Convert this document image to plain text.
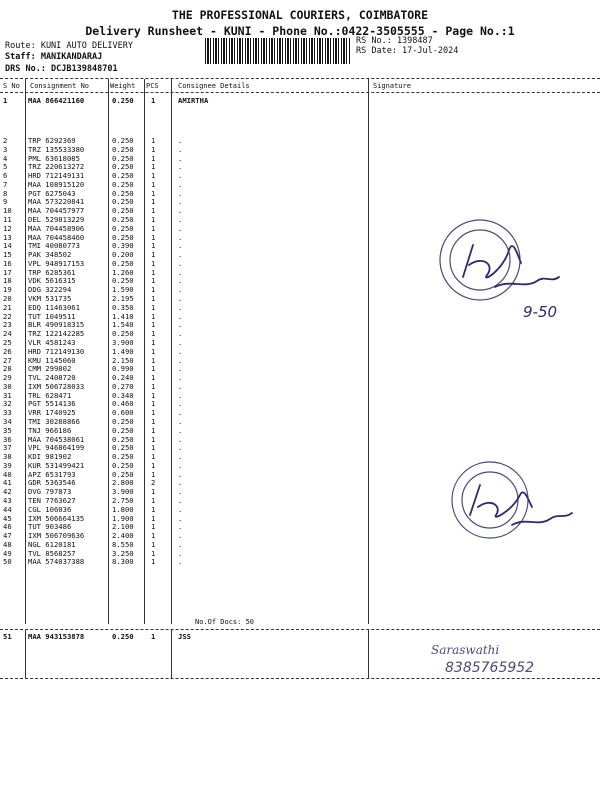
THE PROFESSIONAL COURIERS, COIMBATORE
Delivery Runsheet - KUNI - Phone No.:0422-3505555 - Page No.:1
Route: KUNI AUTO DELIVERY
Staff: MANIKANDARAJ
DRS No.: DCJB139848701
RS No.: 1398487
RS Date: 17-Jul-2024
S No Consignment No	Weight PCS	Consignee Details	Signature
1	MAA 866421160	0.250 1	AMIRTHA
2	TRP 6292369	0.250 1	.
3	TRZ 135533380	0.250 1	.
4	PML 63618085	0.250 1	.
5	TRZ 220613272	0.250 1	.
6	HRD 712149131	0.250 1	.
7	MAA 108915120	0.250 1	.
8	PGT 6275043	0.250 1	.
9	MAA 573220841	0.250 1	.
10 MAA 704457977	0.250 1	.
11 DEL 529813229	0.250 1	.
12 MAA 704458906	0.250 1	.
13 MAA 704458460	0.250 1	.
14 TMI 40080773	0.390 1	.
15 PAK 348502	0.200 1	.
16 VPL 948917153	0.250 1	.
17 TRP 6285361	1.260 1	.
18 VDK 5616315	0.250 1	.
19 DDG 322294	1.590 1	.
20 VKM 531735	2.195 1	.
21 EDQ 11463061	0.350 1	.
22 TUT 1049511	1.410 1	.
23 BLR 490918315	1.540 1	.
24 TRZ 122142285	0.250 1	.
25 VLR 4581243	3.900 1	.
26 HRD 712149130	1.490 1	.
27 KMU 1145060	2.150 1	.
28 CMM 299802	0.990 1	.
29 TVL 2408720	0.240 1	.
30 IXM 506728033	0.270 1	.
31 TRL 628471	0.340 1	.
32 PGT 5514136	0.460 1	.
33 VRR 1740925	0.600 1	.
34 TMI 30288866	0.250 1	.
35 TNJ 966186	0.250 1	.
36 MAA 704538061	0.250 1	.
37 VPL 946864199	0.250 1	.
38 KDI 981902	0.250 1	.
39 KUR 531499421	0.250 1	.
40 APZ 6531793	0.250 1	.
41 GDR 5363546	2.800 2	.
42 DVG 797873	3.900 1	.
43 TEN 7763627	2.750 1	.
44 CGL 106036	1.800 1	.
45 IXM 506664135	1.900 1	.
46 TUT 903486	2.100 1	.
47 IXM 506709636	2.400 1	.
48 NGL 6120181	8.550 1	.
49 TVL 8568257	3.250 1	.
50 MAA 574037388	8.300 1	.
No.Of Docs: 50
51 MAA 943153878	0.250 1	JSS
9-50
Saraswathi
8385765952
